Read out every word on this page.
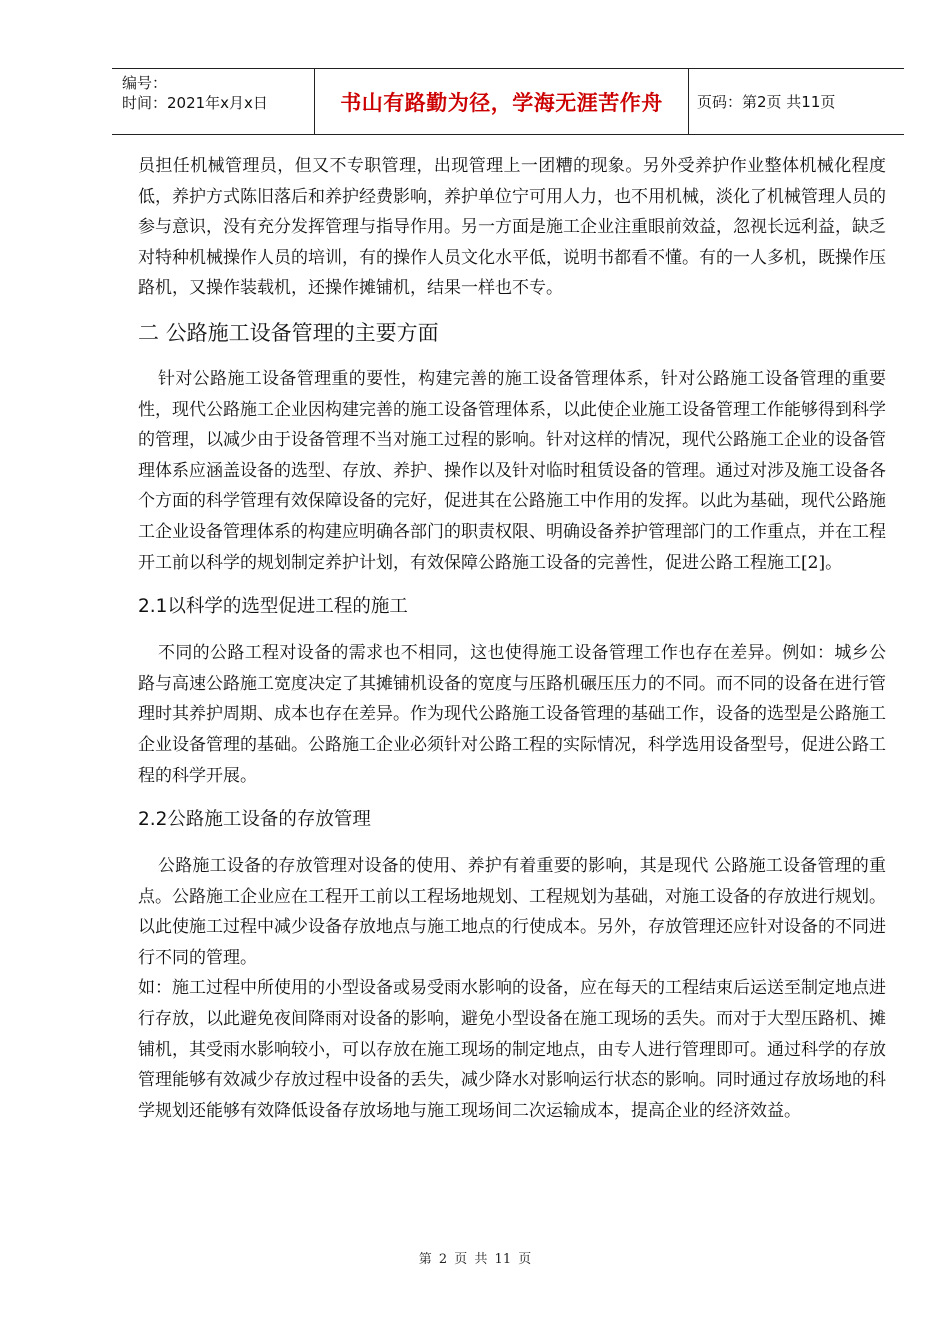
编号：
时间：2021年x月x日	书山有路勤为径，学海无涯苦作舟	页码：第2页 共11页

员担任机械管理员，但又不专职管理，出现管理上一团糟的现象。另外受养护作业整体机械化程度低，养护方式陈旧落后和养护经费影响，养护单位宁可用人力，也不用机械，淡化了机械管理人员的参与意识，没有充分发挥管理与指导作用。另一方面是施工企业注重眼前效益，忽视长远利益，缺乏对特种机械操作人员的培训，有的操作人员文化水平低，说明书都看不懂。有的一人多机，既操作压路机，又操作装载机，还操作摊铺机，结果一样也不专。

二 公路施工设备管理的主要方面

针对公路施工设备管理重的要性，构建完善的施工设备管理体系，针对公路施工设备管理的重要性，现代公路施工企业因构建完善的施工设备管理体系，以此使企业施工设备管理工作能够得到科学的管理，以减少由于设备管理不当对施工过程的影响。针对这样的情况，现代公路施工企业的设备管理体系应涵盖设备的选型、存放、养护、操作以及针对临时租赁设备的管理。通过对涉及施工设备各个方面的科学管理有效保障设备的完好，促进其在公路施工中作用的发挥。以此为基础，现代公路施工企业设备管理体系的构建应明确各部门的职责权限、明确设备养护管理部门的工作重点，并在工程开工前以科学的规划制定养护计划，有效保障公路施工设备的完善性，促进公路工程施工[2]。

2.1以科学的选型促进工程的施工

不同的公路工程对设备的需求也不相同，这也使得施工设备管理工作也存在差异。例如：城乡公路与高速公路施工宽度决定了其摊铺机设备的宽度与压路机碾压压力的不同。而不同的设备在进行管理时其养护周期、成本也存在差异。作为现代公路施工设备管理的基础工作，设备的选型是公路施工企业设备管理的基础。公路施工企业必须针对公路工程的实际情况，科学选用设备型号，促进公路工程的科学开展。

2.2公路施工设备的存放管理

公路施工设备的存放管理对设备的使用、养护有着重要的影响，其是现代 公路施工设备管理的重点。公路施工企业应在工程开工前以工程场地规划、工程规划为基础，对施工设备的存放进行规划。以此使施工过程中减少设备存放地点与施工地点的行使成本。另外，存放管理还应针对设备的不同进行不同的管理。

如：施工过程中所使用的小型设备或易受雨水影响的设备，应在每天的工程结束后运送至制定地点进行存放，以此避免夜间降雨对设备的影响，避免小型设备在施工现场的丢失。而对于大型压路机、摊铺机，其受雨水影响较小，可以存放在施工现场的制定地点，由专人进行管理即可。通过科学的存放管理能够有效减少存放过程中设备的丢失，减少降水对影响运行状态的影响。同时通过存放场地的科学规划还能够有效降低设备存放场地与施工现场间二次运输成本，提高企业的经济效益。

第 2 页 共 11 页
